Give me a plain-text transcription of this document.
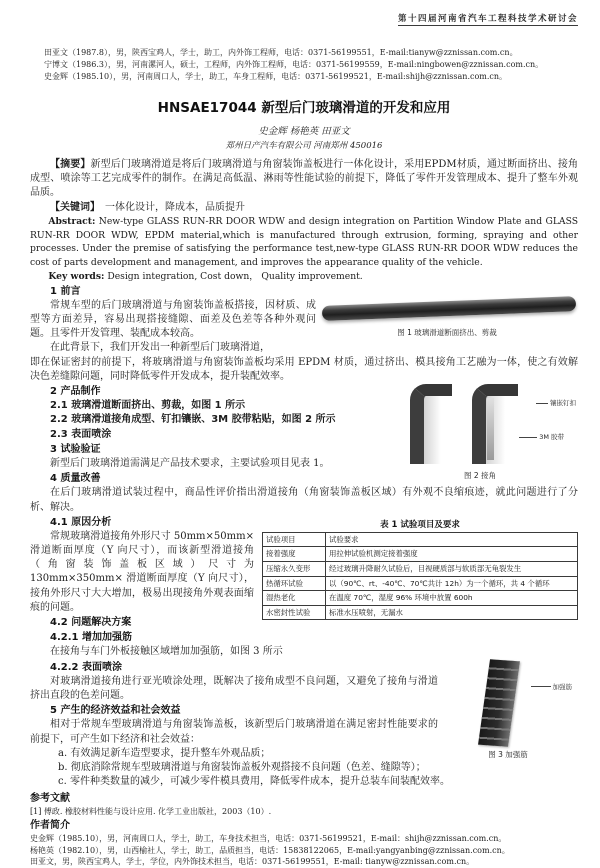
第十四届河南省汽车工程科技学术研讨会
田亚文（1987.8），男，陕西宝鸡人，学士，助工，内外饰工程师，电话：0371-56199551，E-mail:tianyw@zznissan.com.cn。
宁博文（1986.3），男，河南漯河人，硕士，工程师，内外饰工程师，电话：0371-56199559，E-mail:ningbowen@zznissan.com.cn。
史金辉（1985.10），男，河南周口人，学士，助工，车身工程师，电话：0371-56199521，E-mail:shijh@zznissan.com.cn。
HNSAE17044 新型后门玻璃滑道的开发和应用
史金辉 杨艳英 田亚文
郑州日产汽车有限公司 河南郑州 450016

【摘要】新型后门玻璃滑道是将后门玻璃滑道与角窗装饰盖板进行一体化设计，采用EPDM材质，通过断面挤出、接角成型、喷涂等工艺完成零件的制作。在满足高低温、淋雨等性能试验的前提下，降低了零件开发管理成本、提升了整车外观品质。

【关键词】　 一体化设计，降成本，品质提升

Abstract: New-type GLASS RUN-RR DOOR WDW and design integration on Partition Window Plate and GLASS RUN-RR DOOR WDW, EPDM material,which is manufactured through extrusion, forming, spraying and other processes. Under the premise of satisfying the performance test,new-type GLASS RUN-RR DOOR WDW reduces the cost of parts development and management, and improves the appearance quality of the vehicle.

Key words: Design integration, Cost down， Quality improvement.

图 1 玻璃滑道断面挤出、剪裁
1 前言

常规车型的后门玻璃滑道与角窗装饰盖板搭接，因材质、成型等方面差异，容易出现搭接缝隙、面差及色差等各种外观问题。且零件开发管理、装配成本较高。

在此背景下，我们开发出一种新型后门玻璃滑道，

即在保证密封的前提下，将玻璃滑道与角窗装饰盖板均采用 EPDM 材质，通过挤出、模具接角工艺融为一体，使之有效解决色差缝隙问题，同时降低零件开发成本，提升装配效率。

镶嵌钉扣
3M 胶带
图 2 接角
2 产品制作

2.1 玻璃滑道断面挤出、剪裁，如图 1 所示

2.2 玻璃滑道接角成型、钉扣镶嵌、3M 胶带粘贴，如图 2 所示

2.3 表面喷涂

3 试验验证

新型后门玻璃滑道需满足产品技术要求，主要试验项目见表 1。

4 质量改善

在后门玻璃滑道试装过程中，商品性评价指出滑道接角（角窗装饰盖板区域）有外观不良缩痕迹，就此问题进行了分析、解决。

表 1 试验项目及要求
试验项目	试验要求
接着强度	用拉伸试验机测定接着强度
压缩永久变形	经过玻璃升降耐久试验后，目视硬质部与软质部无龟裂发生
热循环试验	以（90℃、rt、-40℃、70℃共计 12h）为一个循环，共 4 个循环
湿热老化	在温度 70℃，湿度 96% 环境中放置 600h
水密封性试验	标准水压喷射，无漏水
4.1 原因分析

常规玻璃滑道接角外形尺寸 50mm×50mm× 滑道断面厚度（Y 向尺寸），而该新型滑道接角（角窗装饰盖板区域）尺寸为 130mm×350mm× 滑道断面厚度（Y 向尺寸），接角外形尺寸大大增加，极易出现接角外观表面缩痕的问题。

4.2 问题解决方案
4.2.1 增加加强筋

在接角与车门外板接触区域增加加强筋，如图 3 所示

加强筋
图 3 加强筋
4.2.2 表面喷涂

对玻璃滑道接角进行亚光喷涂处理，既解决了接角成型不良问题，又避免了接角与滑道挤出直段的色差问题。

5 产生的经济效益和社会效益

相对于常规车型玻璃滑道与角窗装饰盖板，该新型后门玻璃滑道在满足密封性能要求的前提下，可产生如下经济和社会效益：

a. 有效满足新车造型要求，提升整车外观品质；

b. 彻底消除常规车型玻璃滑道与角窗装饰盖板外观搭接不良问题（色差、缝隙等）；

c. 零件种类数量的减少，可减少零件模具费用，降低零件成本，提升总装车间装配效率。

参考文献

[1] 傅政. 橡胶材料性能与设计应用. 化学工业出版社，2003（10）.

作者简介

史金辉（1985.10），男，河南周口人，学士，助工，车身技术担当，电话：0371-56199521，E-mail：shijh@zznissan.com.cn。

杨艳英（1982.10），男，山西榆社人，学士，助工，品质担当，电话：15838122065，E-mail:yangyanbing@zznissan.com.cn。

田亚文，男，陕西宝鸡人，学士，学位，内外饰技术担当，电话：0371-56199551，E-mail: tianyw@zznissan.com.cn。
